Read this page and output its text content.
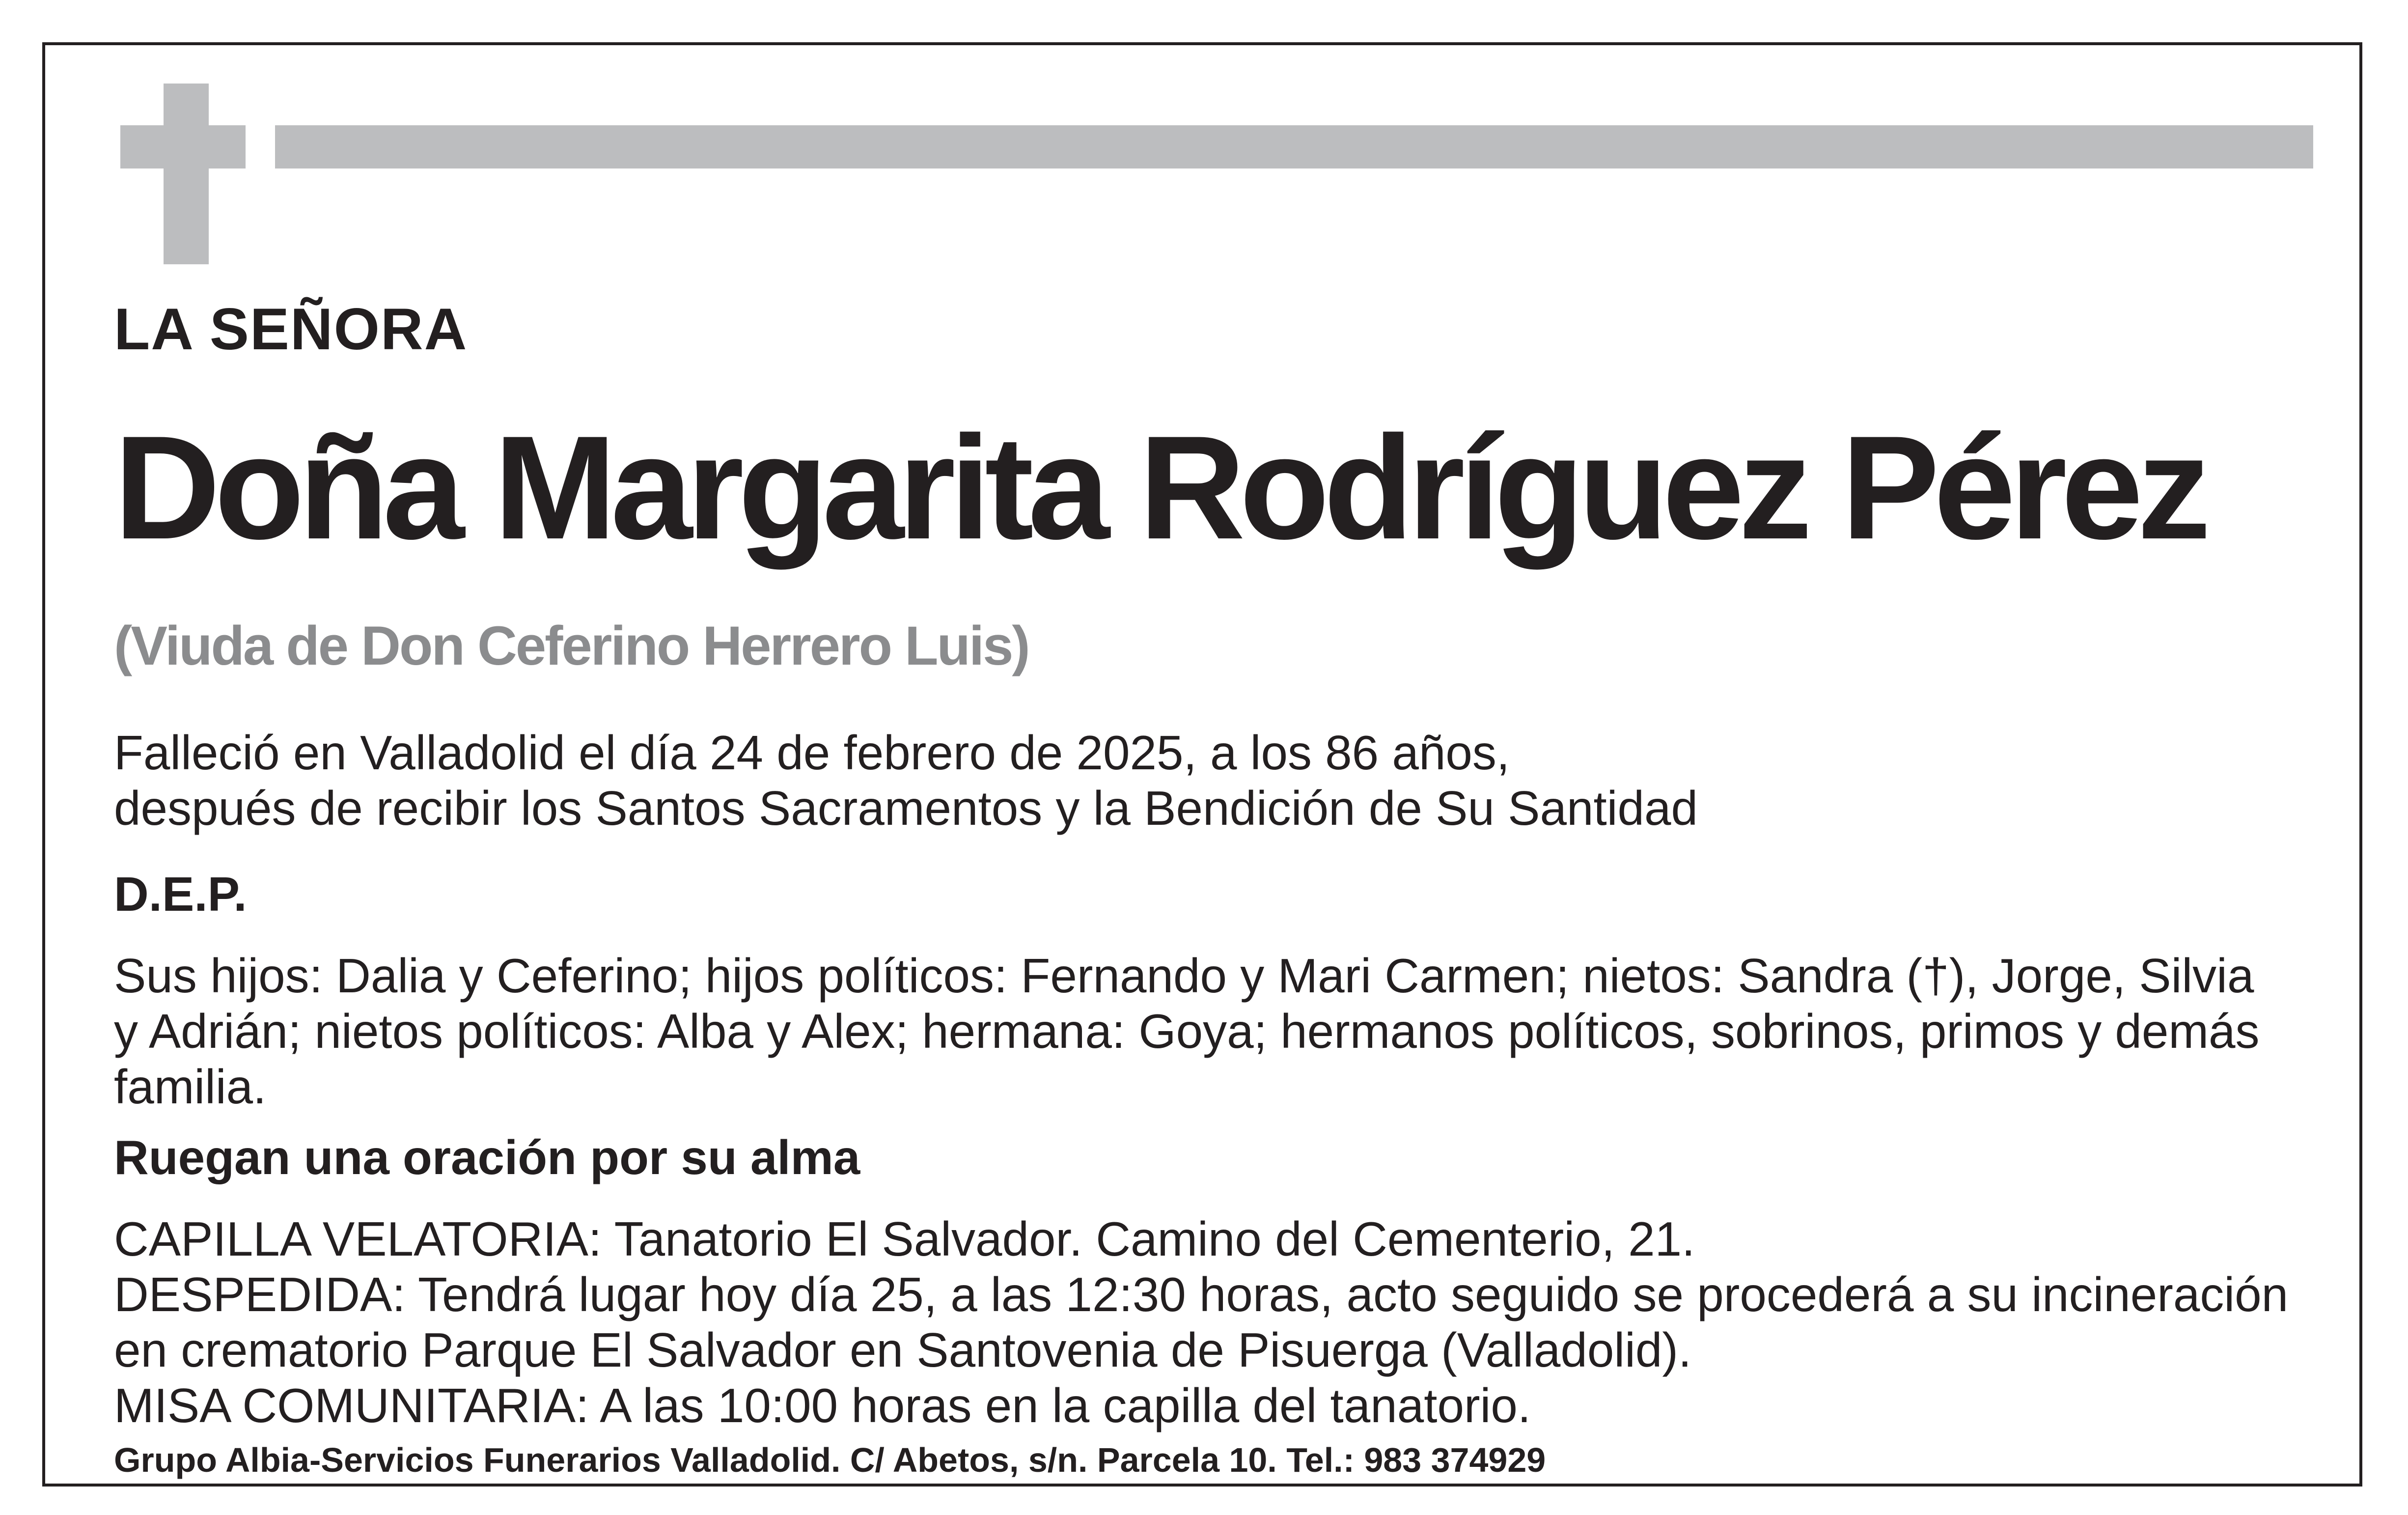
LA SEÑORA
Doña Margarita Rodríguez Pérez
(Viuda de Don Ceferino Herrero Luis)
Falleció en Valladolid el día 24 de febrero de 2025, a los 86 años,
después de recibir los Santos Sacramentos y la Bendición de Su Santidad
D.E.P.
Sus hijos: Dalia y Ceferino; hijos políticos: Fernando y Mari Carmen; nietos: Sandra (†), Jorge, Silvia
y Adrián; nietos políticos: Alba y Alex; hermana: Goya; hermanos políticos, sobrinos, primos y demás
familia.
Ruegan una oración por su alma
CAPILLA VELATORIA: Tanatorio El Salvador. Camino del Cementerio, 21.
DESPEDIDA: Tendrá lugar hoy día 25, a las 12:30 horas, acto seguido se procederá a su incineración
en crematorio Parque El Salvador en Santovenia de Pisuerga (Valladolid).
MISA COMUNITARIA: A las 10:00 horas en la capilla del tanatorio.
Grupo Albia-Servicios Funerarios Valladolid. C/ Abetos, s/n. Parcela 10. Tel.: 983 374929
